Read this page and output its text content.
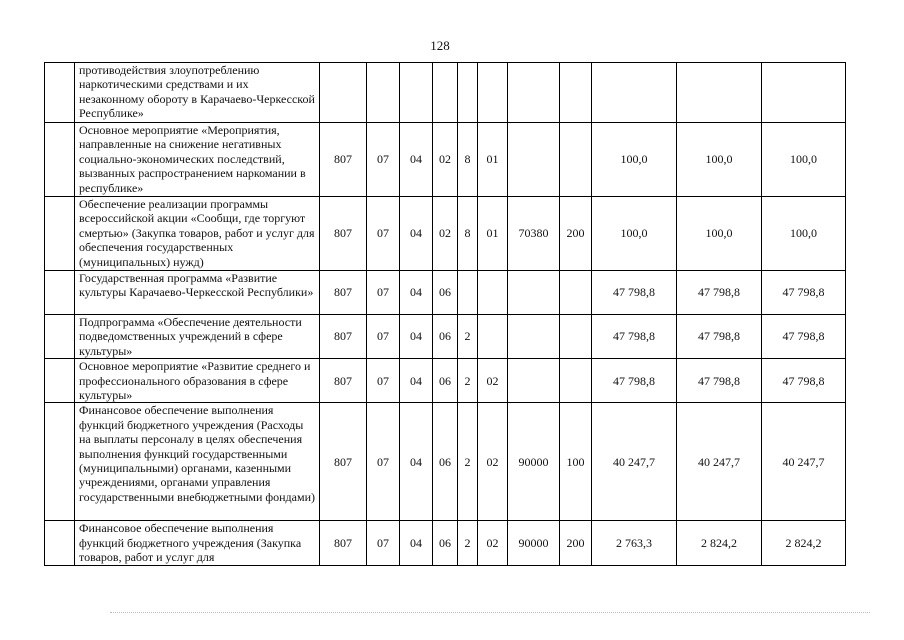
128
	противодействия злоупотреблению наркотическими средствами и их незаконному обороту в Карачаево-Черкесской Республике»											
	Основное мероприятие «Мероприятия, направленные на снижение негативных социально-экономических последствий, вызванных распространением наркомании в республике»	807	07	04	02	8	01			100,0	100,0	100,0
	Обеспечение реализации программы всероссийской акции «Сообщи, где торгуют смертью» (Закупка товаров, работ и услуг для обеспечения государственных (муниципальных) нужд)	807	07	04	02	8	01	70380	200	100,0	100,0	100,0
	Государственная программа «Развитие культуры Карачаево-Черкесской Республики»	807	07	04	06					47 798,8	47 798,8	47 798,8
	Подпрограмма «Обеспечение деятельности подведомственных учреждений в сфере культуры»	807	07	04	06	2				47 798,8	47 798,8	47 798,8
	Основное мероприятие «Развитие среднего и профессионального образования в сфере культуры»	807	07	04	06	2	02			47 798,8	47 798,8	47 798,8
	Финансовое обеспечение выполнения функций бюджетного учреждения (Расходы на выплаты персоналу в целях обеспечения выполнения функций государственными (муниципальными) органами, казенными учреждениями, органами управления государственными внебюджетными фондами)	807	07	04	06	2	02	90000	100	40 247,7	40 247,7	40 247,7
	Финансовое обеспечение выполнения функций бюджетного учреждения (Закупка товаров, работ и услуг для	807	07	04	06	2	02	90000	200	2 763,3	2 824,2	2 824,2
